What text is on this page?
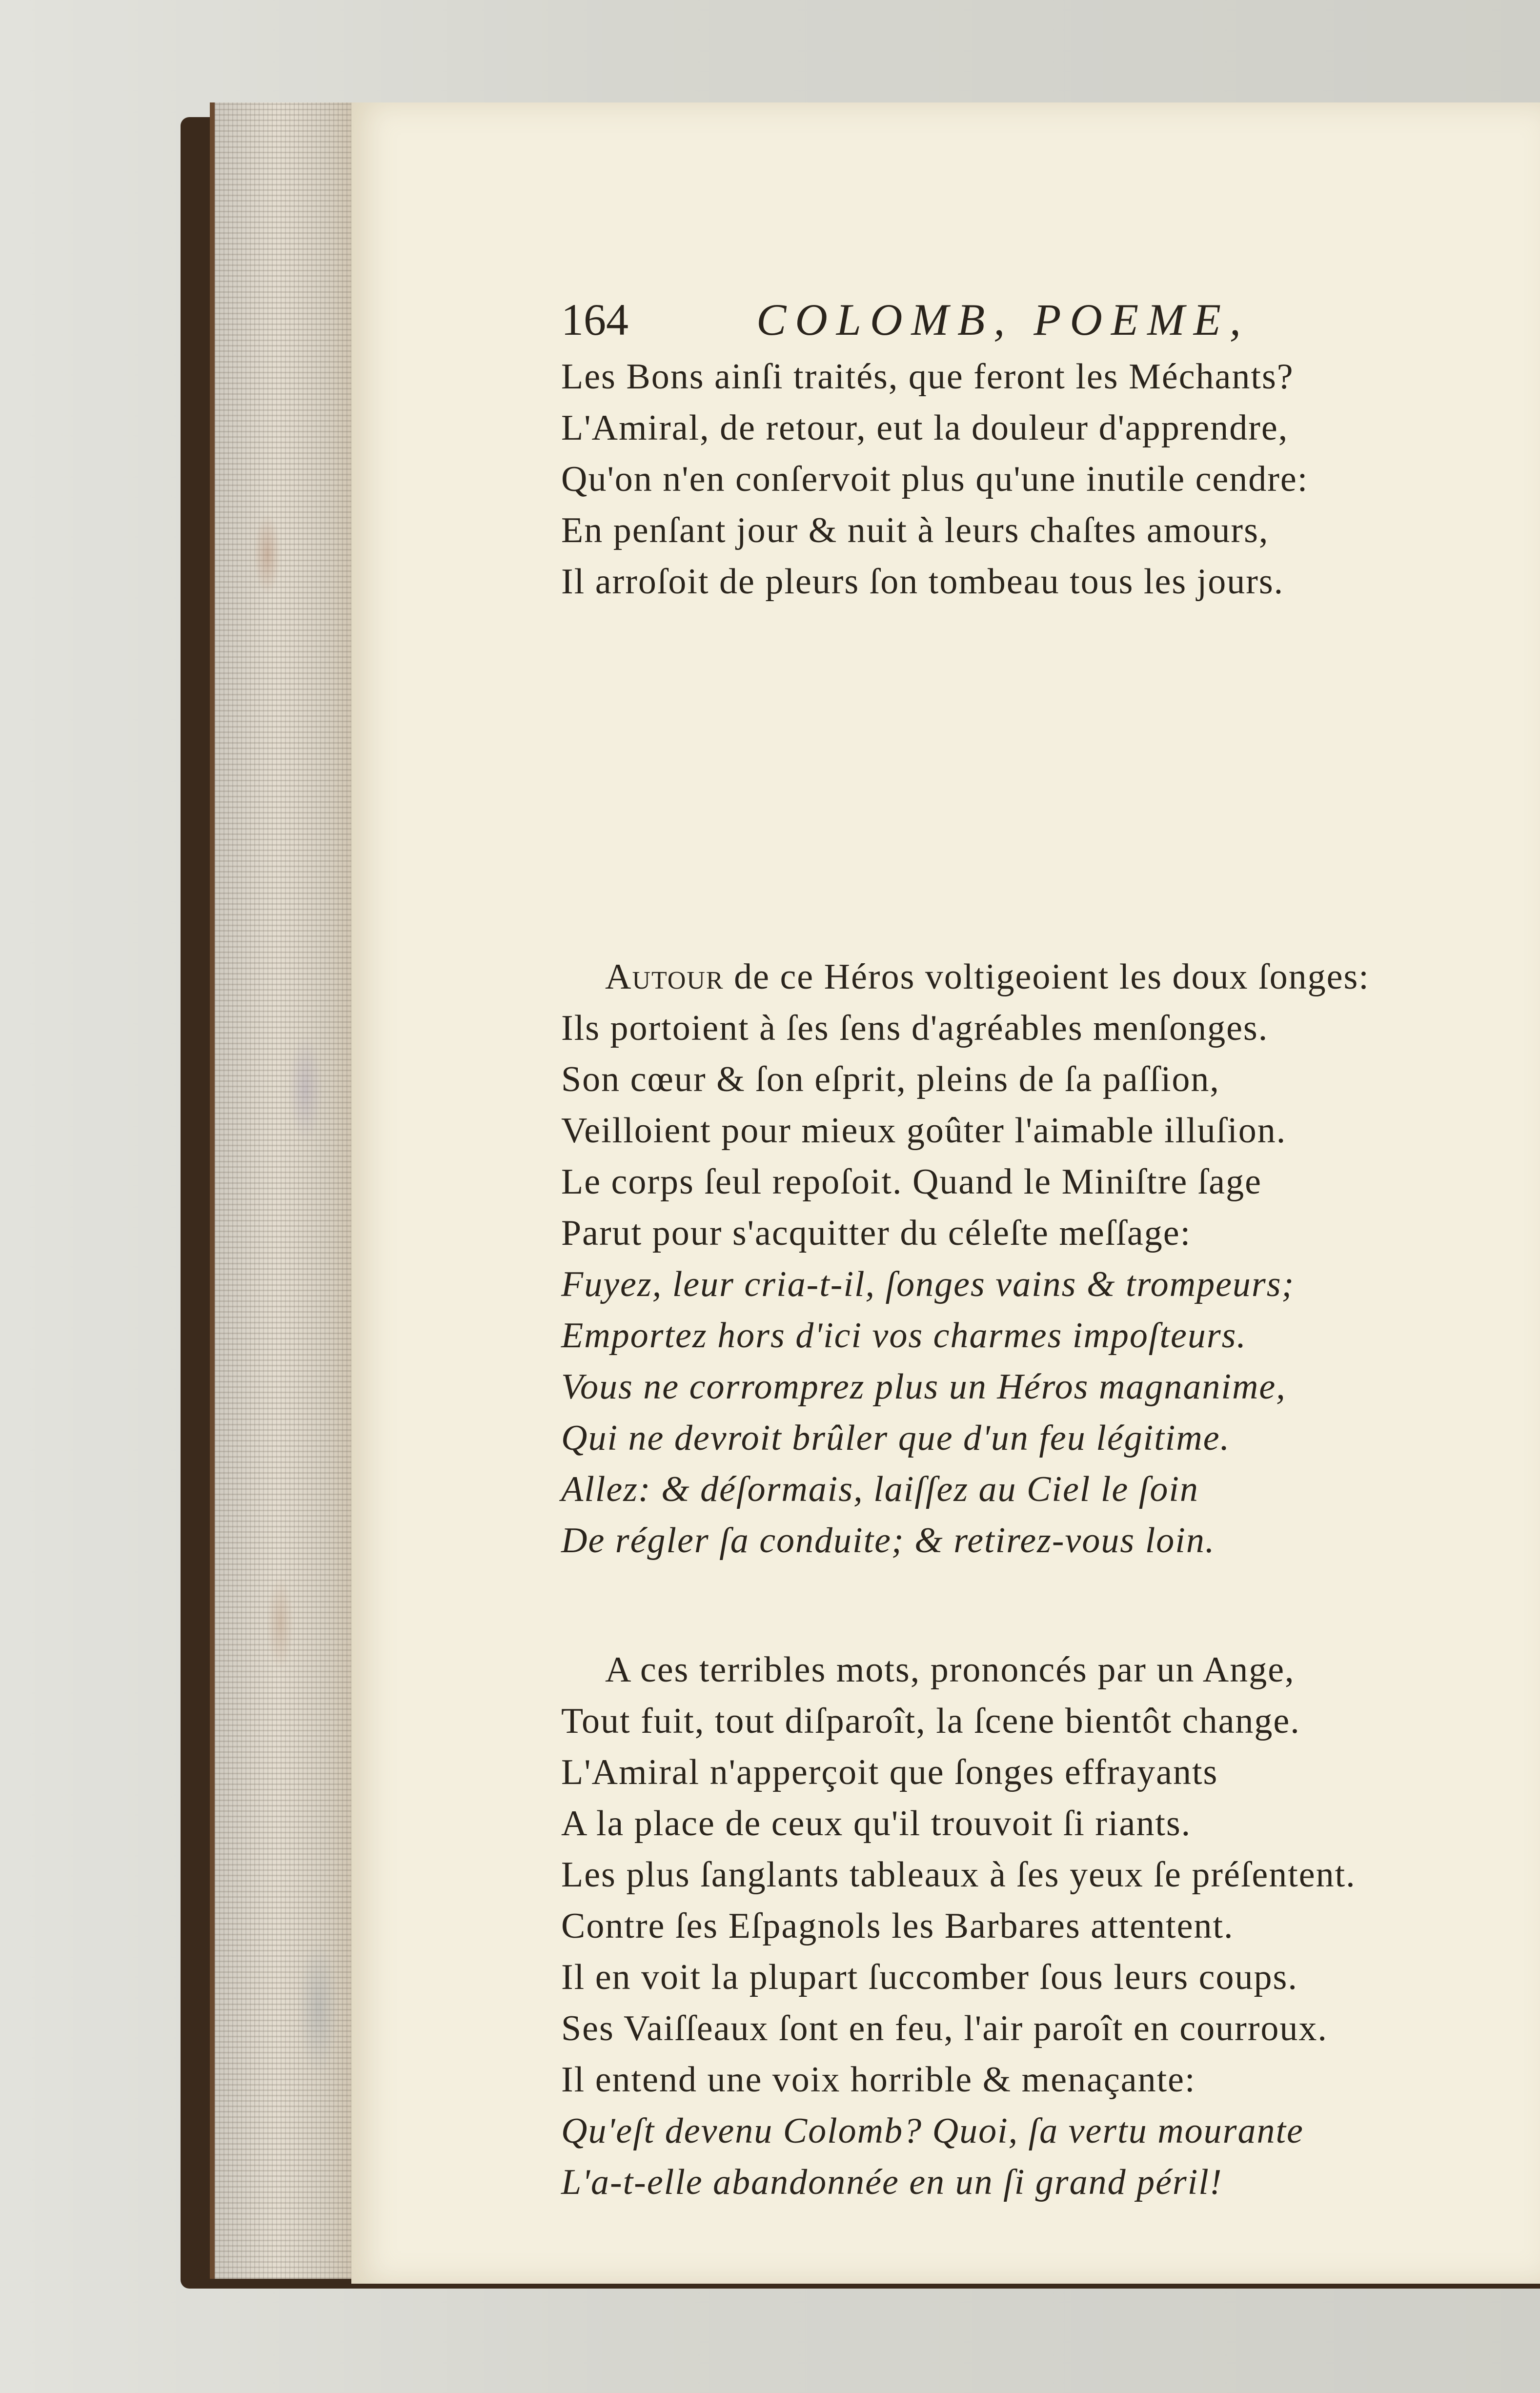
164	COLOMB, POEME,
Les Bons ainſi traités, que feront les Méchants?
L'Amiral, de retour, eut la douleur d'apprendre,
Qu'on n'en conſervoit plus qu'une inutile cendre:
En penſant jour & nuit à leurs chaſtes amours,
Il arroſoit de pleurs ſon tombeau tous les jours.
Autour de ce Héros voltigeoient les doux ſonges:
Ils portoient à ſes ſens d'agréables menſonges.
Son cœur & ſon eſprit, pleins de ſa paſſion,
Veilloient pour mieux goûter l'aimable illuſion.
Le corps ſeul repoſoit. Quand le Miniſtre ſage
Parut pour s'acquitter du céleſte meſſage:
Fuyez, leur cria-t-il, ſonges vains & trompeurs;
Emportez hors d'ici vos charmes impoſteurs.
Vous ne corromprez plus un Héros magnanime,
Qui ne devroit brûler que d'un feu légitime.
Allez: & déſormais, laiſſez au Ciel le ſoin
De régler ſa conduite; & retirez-vous loin.
A ces terribles mots, prononcés par un Ange,
Tout fuit, tout diſparoît, la ſcene bientôt change.
L'Amiral n'apperçoit que ſonges effrayants
A la place de ceux qu'il trouvoit ſi riants.
Les plus ſanglants tableaux à ſes yeux ſe préſentent.
Contre ſes Eſpagnols les Barbares attentent.
Il en voit la plupart ſuccomber ſous leurs coups.
Ses Vaiſſeaux ſont en feu, l'air paroît en courroux.
Il entend une voix horrible & menaçante:
Qu'eſt devenu Colomb? Quoi, ſa vertu mourante
L'a-t-elle abandonnée en un ſi grand péril!
